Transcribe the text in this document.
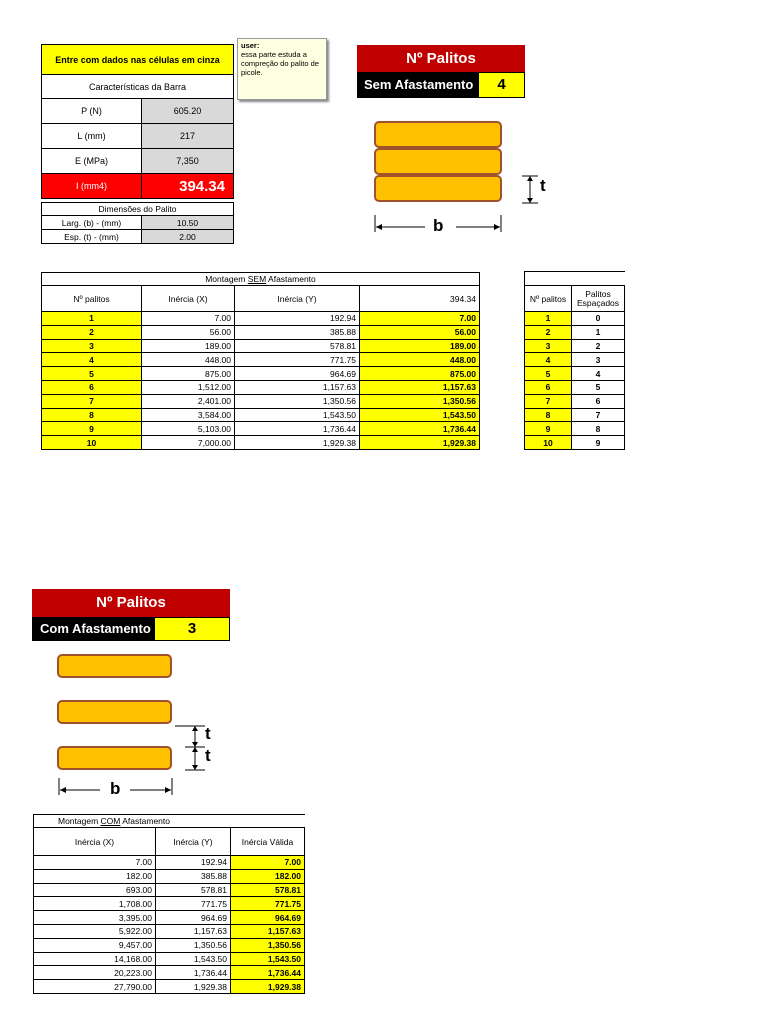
Entre com dados nas células em cinza	
Características da Barra	
P (N)	605.20
L (mm)	217
E (MPa)	7,350
I (mm4)	394.34
Dimensões do Palito	
Larg. (b) - (mm)	10.50
Esp. (t) - (mm)	2.00
user:
essa parte estuda a compreção do palito de picole.
Nº Palitos
Sem Afastamento	4
t
b
Montagem SEM Afastamento			
Nº palitos	Inércia (X)	Inércia (Y)	394.34
1	7.00	192.94	7.00
2	56.00	385.88	56.00
3	189.00	578.81	189.00
4	448.00	771.75	448.00
5	875.00	964.69	875.00
6	1,512.00	1,157.63	1,157.63
7	2,401.00	1,350.56	1,350.56
8	3,584.00	1,543.50	1,543.50
9	5,103.00	1,736.44	1,736.44
10	7,000.00	1,929.38	1,929.38

Nº palitos	Palitos Espaçados
1	0
2	1
3	2
4	3
5	4
6	5
7	6
8	7
9	8
10	9
Nº Palitos
Com Afastamento	3
t
t
b
Montagem COM Afastamento		
Inércia (X)	Inércia (Y)	Inércia Válida
7.00	192.94	7.00
182.00	385.88	182.00
693.00	578.81	578.81
1,708.00	771.75	771.75
3,395.00	964.69	964.69
5,922.00	1,157.63	1,157.63
9,457.00	1,350.56	1,350.56
14,168.00	1,543.50	1,543.50
20,223.00	1,736.44	1,736.44
27,790.00	1,929.38	1,929.38
